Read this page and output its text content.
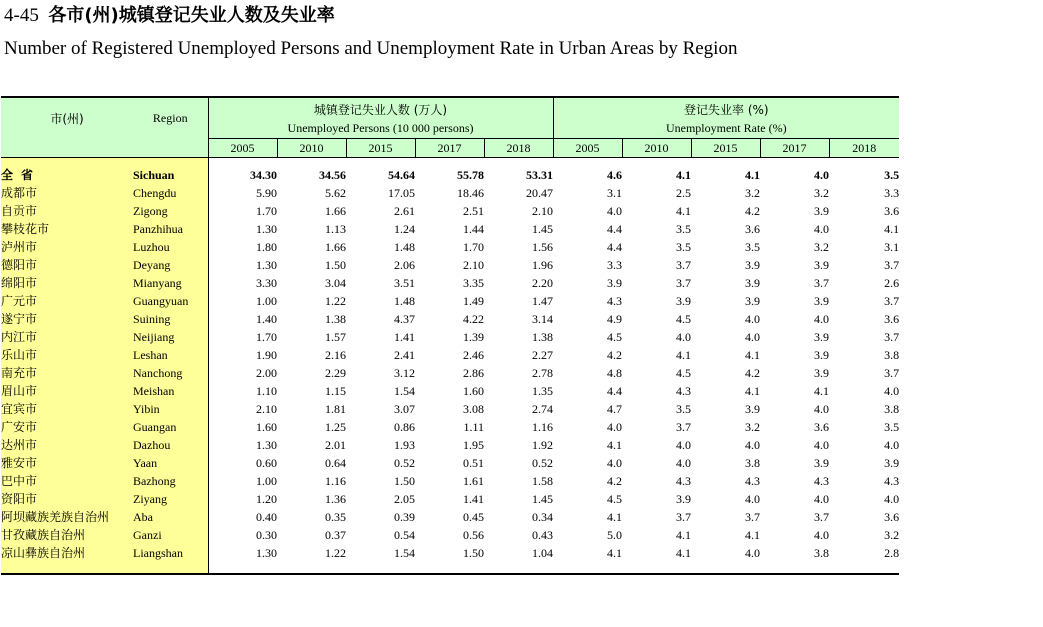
4-45 各市(州)城镇登记失业人数及失业率
Number of Registered Unemployed Persons and Unemployment Rate in Urban Areas by Region
市(州)	Region	城镇登记失业人数 (万人)					登记失业率 (%)				
		Unemployed Persons (10 000 persons)					Unemployment Rate (%)				
		2005	2010	2015	2017	2018	2005	2010	2015	2017	2018

全省	Sichuan	34.30	34.56	54.64	55.78	53.31	4.6	4.1	4.1	4.0	3.5
成都市	Chengdu	5.90	5.62	17.05	18.46	20.47	3.1	2.5	3.2	3.2	3.3
自贡市	Zigong	1.70	1.66	2.61	2.51	2.10	4.0	4.1	4.2	3.9	3.6
攀枝花市	Panzhihua	1.30	1.13	1.24	1.44	1.45	4.4	3.5	3.6	4.0	4.1
泸州市	Luzhou	1.80	1.66	1.48	1.70	1.56	4.4	3.5	3.5	3.2	3.1
德阳市	Deyang	1.30	1.50	2.06	2.10	1.96	3.3	3.7	3.9	3.9	3.7
绵阳市	Mianyang	3.30	3.04	3.51	3.35	2.20	3.9	3.7	3.9	3.7	2.6
广元市	Guangyuan	1.00	1.22	1.48	1.49	1.47	4.3	3.9	3.9	3.9	3.7
遂宁市	Suining	1.40	1.38	4.37	4.22	3.14	4.9	4.5	4.0	4.0	3.6
内江市	Neijiang	1.70	1.57	1.41	1.39	1.38	4.5	4.0	4.0	3.9	3.7
乐山市	Leshan	1.90	2.16	2.41	2.46	2.27	4.2	4.1	4.1	3.9	3.8
南充市	Nanchong	2.00	2.29	3.12	2.86	2.78	4.8	4.5	4.2	3.9	3.7
眉山市	Meishan	1.10	1.15	1.54	1.60	1.35	4.4	4.3	4.1	4.1	4.0
宜宾市	Yibin	2.10	1.81	3.07	3.08	2.74	4.7	3.5	3.9	4.0	3.8
广安市	Guangan	1.60	1.25	0.86	1.11	1.16	4.0	3.7	3.2	3.6	3.5
达州市	Dazhou	1.30	2.01	1.93	1.95	1.92	4.1	4.0	4.0	4.0	4.0
雅安市	Yaan	0.60	0.64	0.52	0.51	0.52	4.0	4.0	3.8	3.9	3.9
巴中市	Bazhong	1.00	1.16	1.50	1.61	1.58	4.2	4.3	4.3	4.3	4.3
资阳市	Ziyang	1.20	1.36	2.05	1.41	1.45	4.5	3.9	4.0	4.0	4.0
阿坝藏族羌族自治州	Aba	0.40	0.35	0.39	0.45	0.34	4.1	3.7	3.7	3.7	3.6
甘孜藏族自治州	Ganzi	0.30	0.37	0.54	0.56	0.43	5.0	4.1	4.1	4.0	3.2
凉山彝族自治州	Liangshan	1.30	1.22	1.54	1.50	1.04	4.1	4.1	4.0	3.8	2.8
